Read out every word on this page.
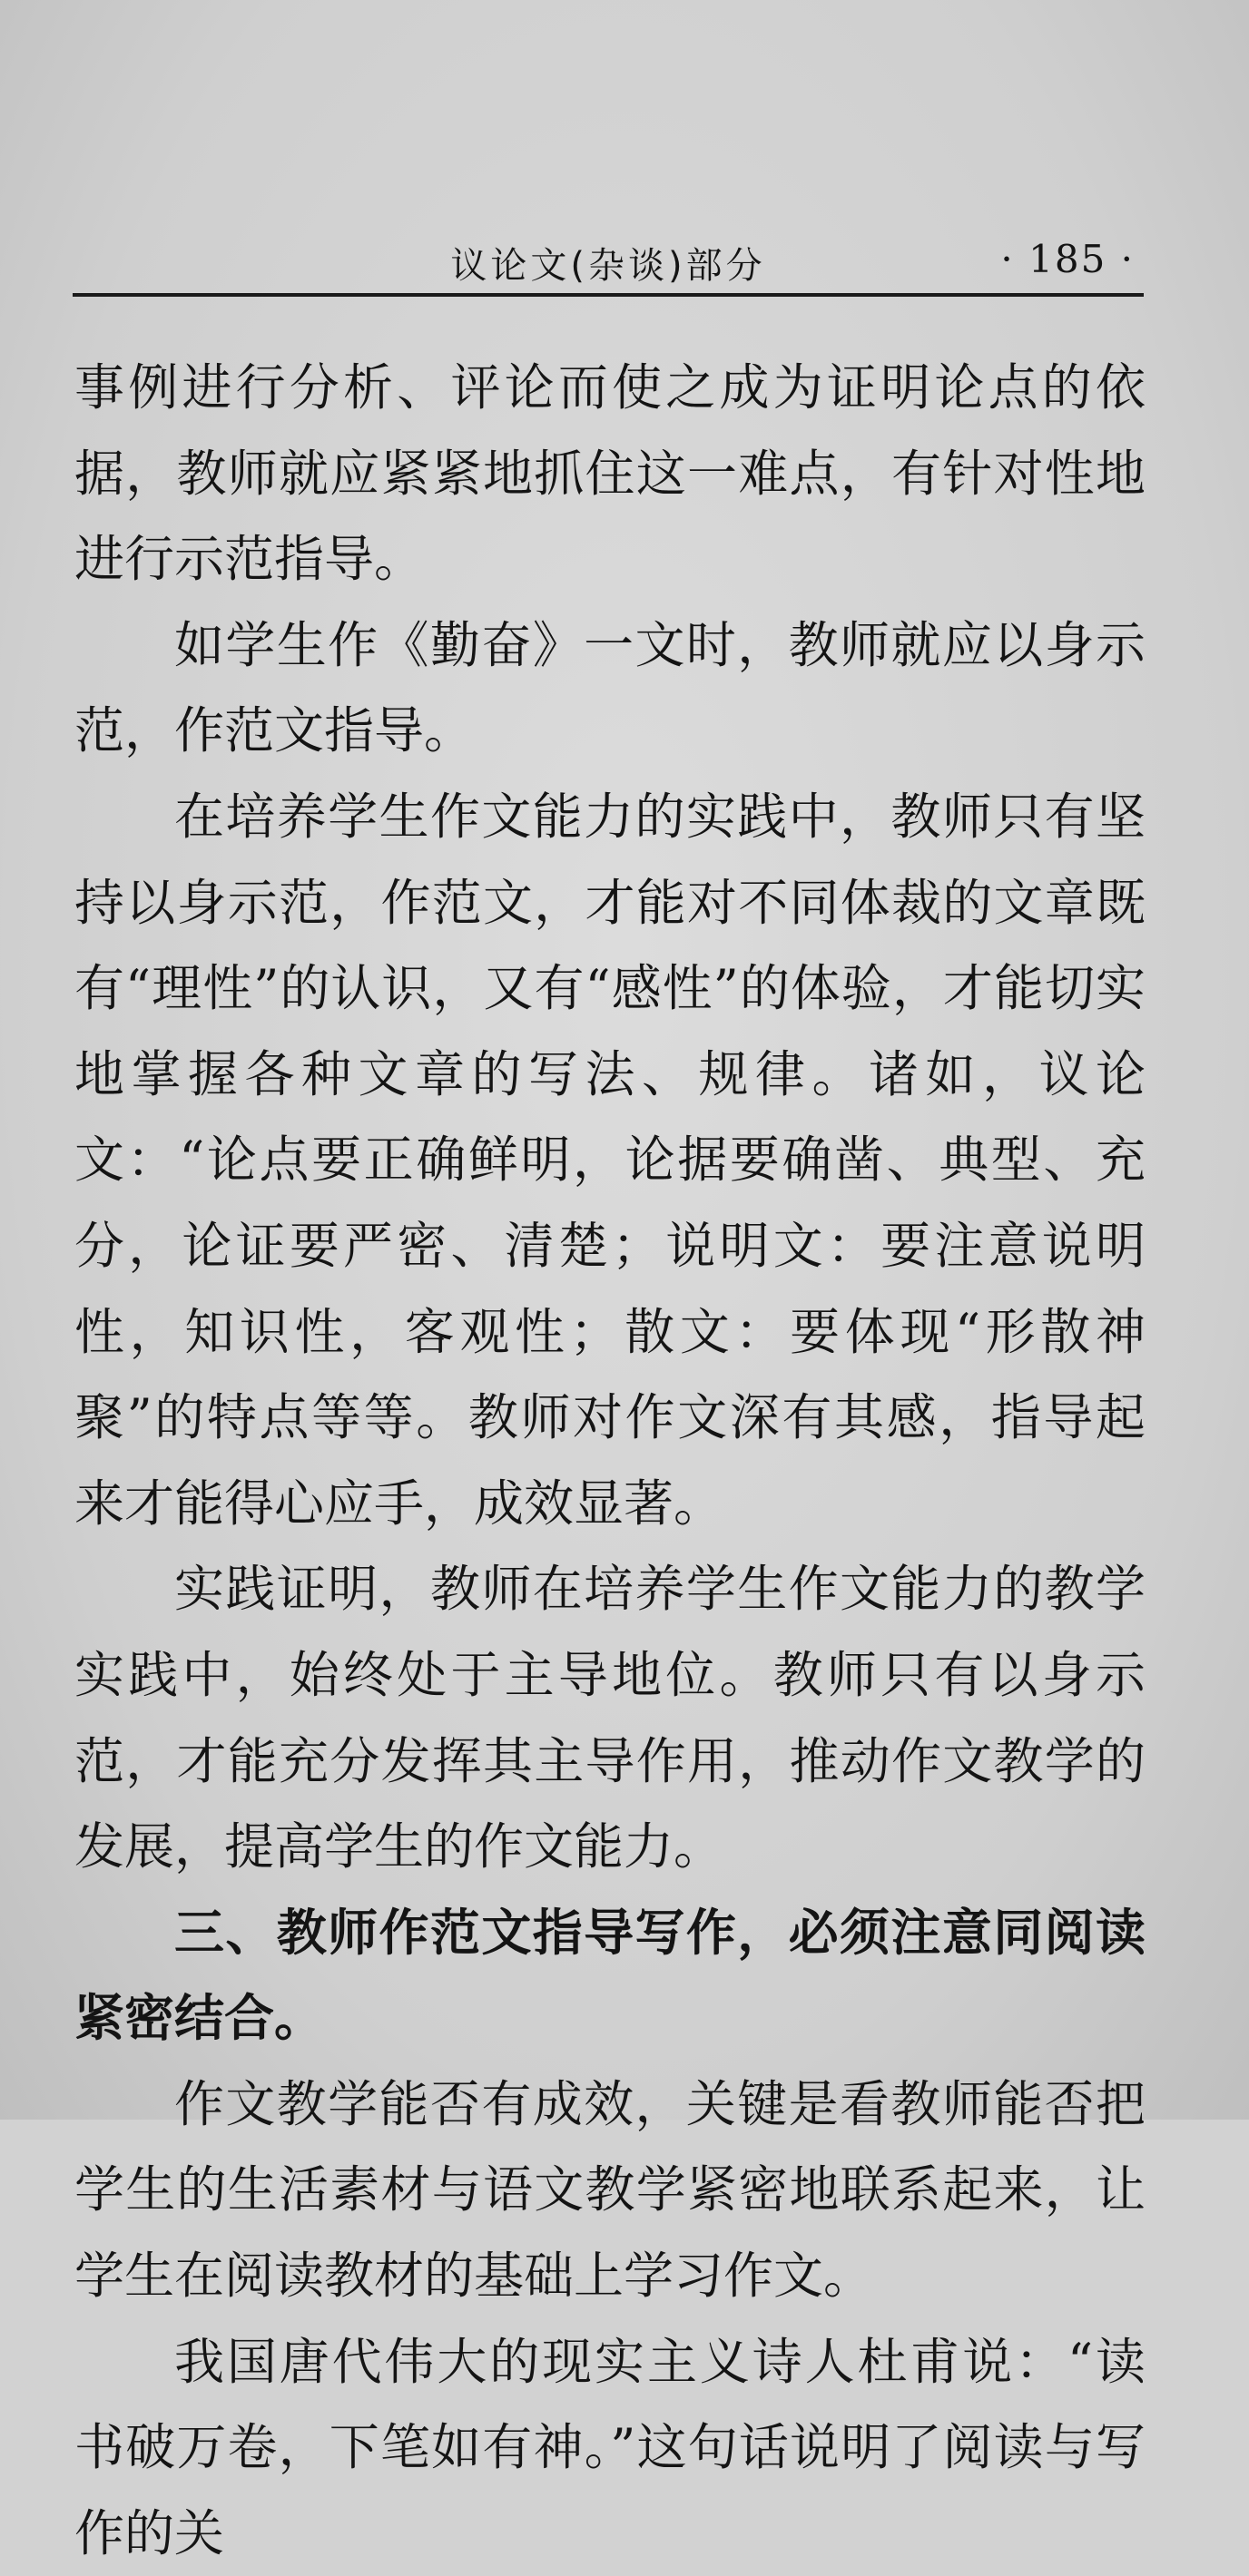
议论文(杂谈)部分	· 185 ·

事例进行分析、评论而使之成为证明论点的依据，教师就应紧紧地抓住这一难点，有针对性地进行示范指导。

如学生作《勤奋》一文时，教师就应以身示范，作范文指导。

在培养学生作文能力的实践中，教师只有坚持以身示范，作范文，才能对不同体裁的文章既有“理性”的认识，又有“感性”的体验，才能切实地掌握各种文章的写法、规律。诸如，议论文：“论点要正确鲜明，论据要确凿、典型、充分，论证要严密、清楚；说明文：要注意说明性，知识性，客观性；散文：要体现“形散神聚”的特点等等。教师对作文深有其感，指导起来才能得心应手，成效显著。

实践证明，教师在培养学生作文能力的教学实践中，始终处于主导地位。教师只有以身示范，才能充分发挥其主导作用，推动作文教学的发展，提高学生的作文能力。

三、教师作范文指导写作，必须注意同阅读紧密结合。

作文教学能否有成效，关键是看教师能否把学生的生活素材与语文教学紧密地联系起来，让学生在阅读教材的基础上学习作文。

我国唐代伟大的现实主义诗人杜甫说：“读书破万卷，下笔如有神。”这句话说明了阅读与写作的关
